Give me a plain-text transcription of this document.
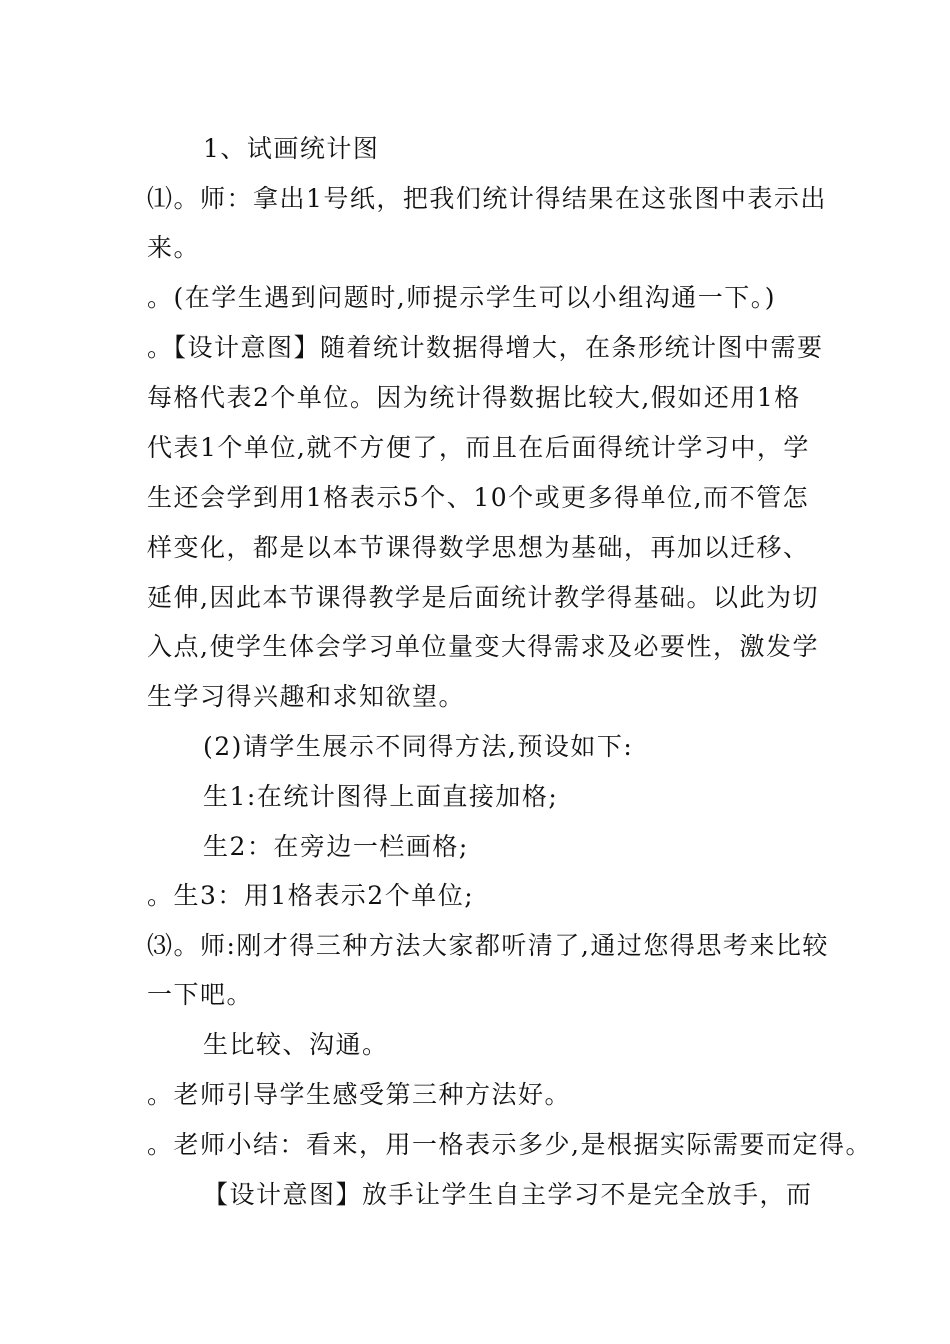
1、试画统计图
⑴。师：拿出1号纸，把我们统计得结果在这张图中表示出
来。
。(在学生遇到问题时,师提示学生可以小组沟通一下。)
。【设计意图】随着统计数据得增大，在条形统计图中需要
每格代表2个单位。因为统计得数据比较大,假如还用1格
代表1个单位,就不方便了，而且在后面得统计学习中，学
生还会学到用1格表示5个、10个或更多得单位,而不管怎
样变化，都是以本节课得数学思想为基础，再加以迁移、
延伸,因此本节课得教学是后面统计教学得基础。以此为切
入点,使学生体会学习单位量变大得需求及必要性，激发学
生学习得兴趣和求知欲望。
(2)请学生展示不同得方法,预设如下:
生1:在统计图得上面直接加格;
生2：在旁边一栏画格;
。生3：用1格表示2个单位;
⑶。师:刚才得三种方法大家都听清了,通过您得思考来比较
一下吧。
生比较、沟通。
。老师引导学生感受第三种方法好。
。老师小结：看来，用一格表示多少,是根据实际需要而定得。
【设计意图】放手让学生自主学习不是完全放手，而
